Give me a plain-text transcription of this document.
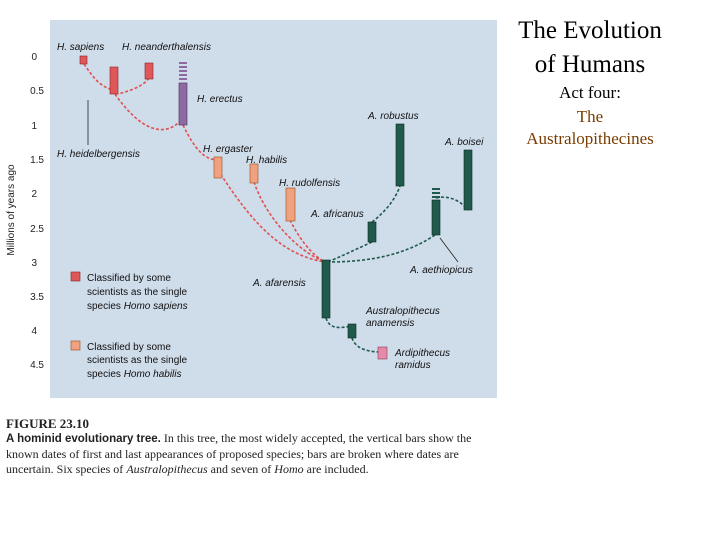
The Evolution
of Humans
Act four:
The
Australopithecines
Millions of years ago
0
0.5
1
1.5
2
2.5
3
3.5
4
4.5
H. sapiens H. neanderthalensis
H. erectus
H. heidelbergensis	H. ergaster
H. habilis
H. rudolfensis
A. robustus
A. boisei
A. africanus
A. aethiopicus
A. afarensis
Australopithecus
anamensis
Ardipithecus
ramidus
Classified by some
scientists as the single
species Homo sapiens
Classified by some
scientists as the single
species Homo habilis
FIGURE 23.10
A hominid evolutionary tree. In this tree, the most widely accepted, the vertical bars show the known dates of first and last appearances of proposed species; bars are broken where dates are uncertain. Six species of Australopithecus and seven of Homo are included.
